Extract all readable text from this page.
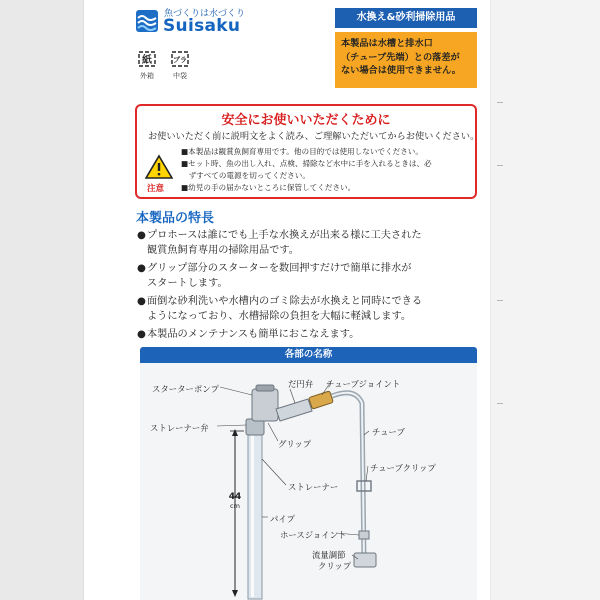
魚づくりは水づくり
Suisaku
紙
外箱
プラ
中袋
水換え&砂利掃除用品
本製品は水槽と排水口
（チューブ先端）との落差が
ない場合は使用できません。
安全にお使いいただくために
お使いいただく前に説明文をよく読み、ご理解いただいてからお使いください。
注意
■本製品は観賞魚飼育専用です。他の目的では使用しないでください。
■セット時、魚の出し入れ、点検、掃除など水中に手を入れるときは、必
　ずすべての電源を切ってください。
■幼児の手の届かないところに保管してください。
本製品の特長
● プロホースは誰にでも上手な水換えが出来る様に工夫された
観賞魚飼育専用の掃除用品です。
● グリップ部分のスターターを数回押すだけで簡単に排水が
スタートします。
● 面倒な砂利洗いや水槽内のゴミ除去が水換えと同時にできる
ようになっており、水槽掃除の負担を大幅に軽減します。
● 本製品のメンテナンスも簡単におこなえます。
各部の名称
スターターポンプ	だ円弁 チューブジョイント
ストレーナー弁
グリップ
チューブ
チューブクリップ
ストレーナー
パイプ
ホースジョイント
流量調節
クリップ
44
cm
